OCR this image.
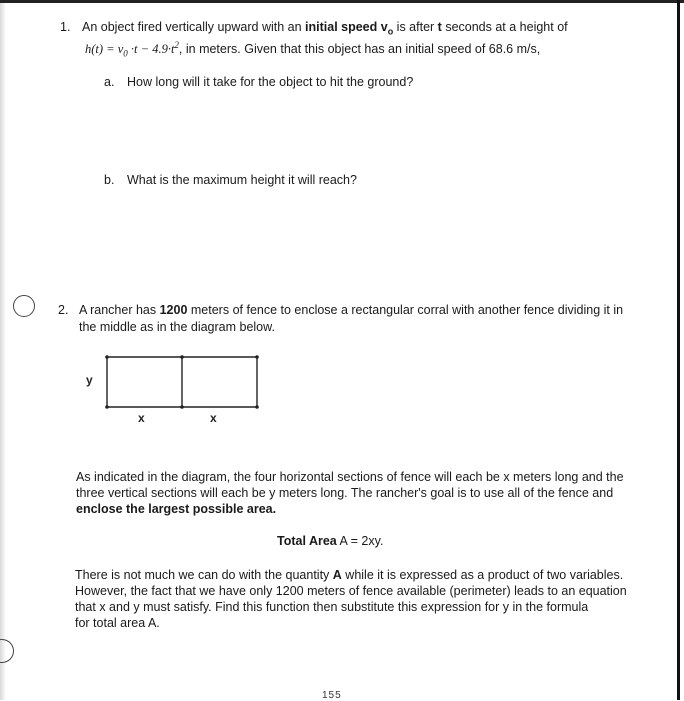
1. An object fired vertically upward with an initial speed $v_o$ is after t seconds at a height of
$h(t) = v_0 \cdot t - 4.9\cdot t^2$, in meters. Given that this object has an initial speed of 68.6 m/s,
a. How long will it take for the object to hit the ground?
b. What is the maximum height it will reach?
2. A rancher has 1200 meters of fence to enclose a rectangular corral with another fence dividing it in
the middle as in the diagram below.
y
x	x
As indicated in the diagram, the four horizontal sections of fence will each be x meters long and the
three vertical sections will each be y meters long. The rancher's goal is to use all of the fence and
enclose the largest possible area.
Total Area A = 2xy.
There is not much we can do with the quantity A while it is expressed as a product of two variables.
However, the fact that we have only 1200 meters of fence available (perimeter) leads to an equation
that x and y must satisfy. Find this function then substitute this expression for y in the formula
for total area A.
155
